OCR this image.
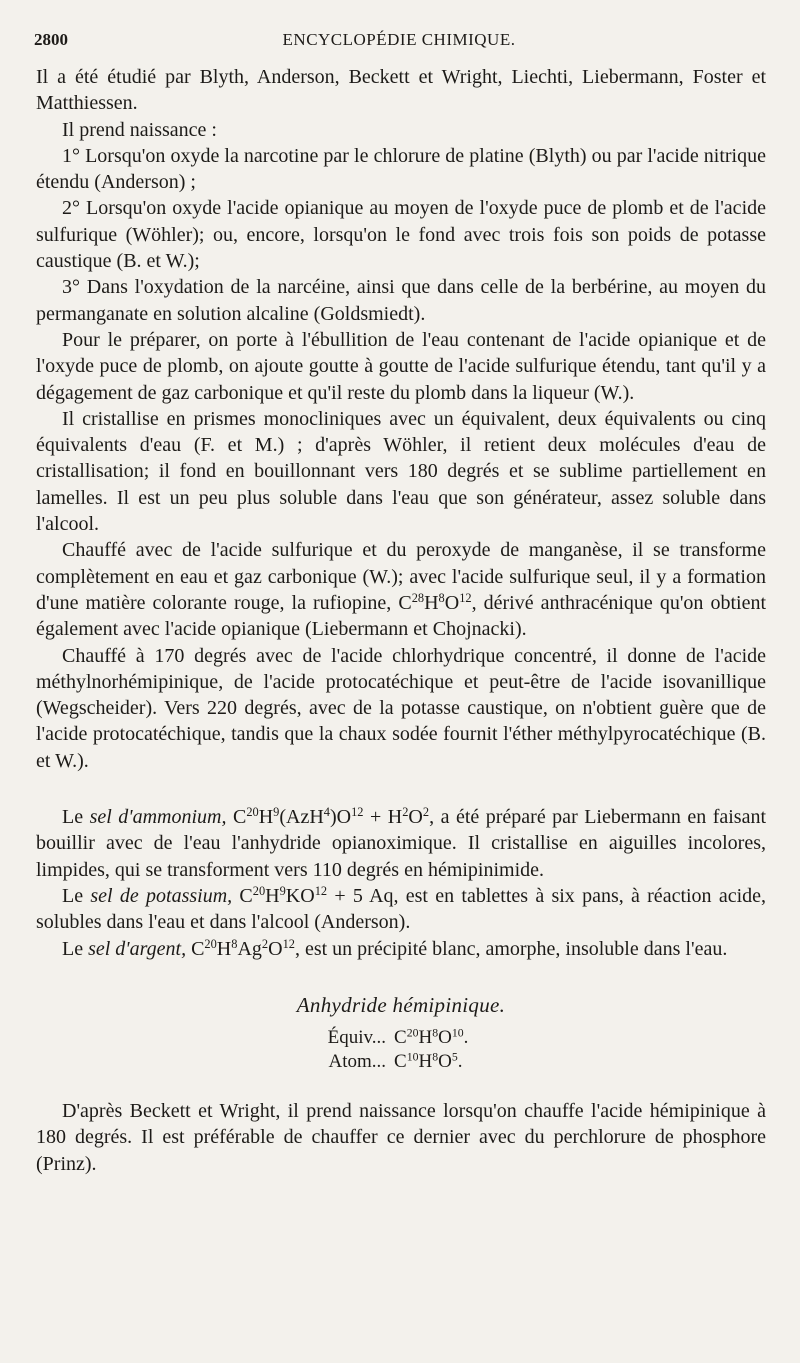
2800	ENCYCLOPÉDIE CHIMIQUE.

Il a été étudié par Blyth, Anderson, Beckett et Wright, Liechti, Liebermann, Foster et Matthiessen.

Il prend naissance :

1° Lorsqu'on oxyde la narcotine par le chlorure de platine (Blyth) ou par l'acide nitrique étendu (Anderson) ;

2° Lorsqu'on oxyde l'acide opianique au moyen de l'oxyde puce de plomb et de l'acide sulfurique (Wöhler); ou, encore, lorsqu'on le fond avec trois fois son poids de potasse caustique (B. et W.);

3° Dans l'oxydation de la narcéine, ainsi que dans celle de la berbérine, au moyen du permanganate en solution alcaline (Goldsmiedt).

Pour le préparer, on porte à l'ébullition de l'eau contenant de l'acide opianique et de l'oxyde puce de plomb, on ajoute goutte à goutte de l'acide sulfurique étendu, tant qu'il y a dégagement de gaz carbonique et qu'il reste du plomb dans la liqueur (W.).

Il cristallise en prismes monocliniques avec un équivalent, deux équivalents ou cinq équivalents d'eau (F. et M.) ; d'après Wöhler, il retient deux molécules d'eau de cristallisation; il fond en bouillonnant vers 180 degrés et se sublime partiellement en lamelles. Il est un peu plus soluble dans l'eau que son générateur, assez soluble dans l'alcool.

Chauffé avec de l'acide sulfurique et du peroxyde de manganèse, il se transforme complètement en eau et gaz carbonique (W.); avec l'acide sulfurique seul, il y a formation d'une matière colorante rouge, la rufiopine, $C^{28}H^8O^{12}$, dérivé anthracénique qu'on obtient également avec l'acide opianique (Liebermann et Chojnacki).

Chauffé à 170 degrés avec de l'acide chlorhydrique concentré, il donne de l'acide méthylnorhémipinique, de l'acide protocatéchique et peut-être de l'acide isovanillique (Wegscheider). Vers 220 degrés, avec de la potasse caustique, on n'obtient guère que de l'acide protocatéchique, tandis que la chaux sodée fournit l'éther méthylpyrocatéchique (B. et W.).

Le sel d'ammonium, $C^{20}H^9(AzH^4)O^{12} + H^2O^2$, a été préparé par Liebermann en faisant bouillir avec de l'eau l'anhydride opianoximique. Il cristallise en aiguilles incolores, limpides, qui se transforment vers 110 degrés en hémipinimide.

Le sel de potassium, $C^{20}H^9KO^{12} + 5$ Aq, est en tablettes à six pans, à réaction acide, solubles dans l'eau et dans l'alcool (Anderson).

Le sel d'argent, $C^{20}H^8Ag^2O^{12}$, est un précipité blanc, amorphe, insoluble dans l'eau.

Anhydride hémipinique.

Équiv... $C^{20}H^8O^{10}$.
Atom... $C^{10}H^8O^5$.

D'après Beckett et Wright, il prend naissance lorsqu'on chauffe l'acide hémipinique à 180 degrés. Il est préférable de chauffer ce dernier avec du perchlorure de phosphore (Prinz).
